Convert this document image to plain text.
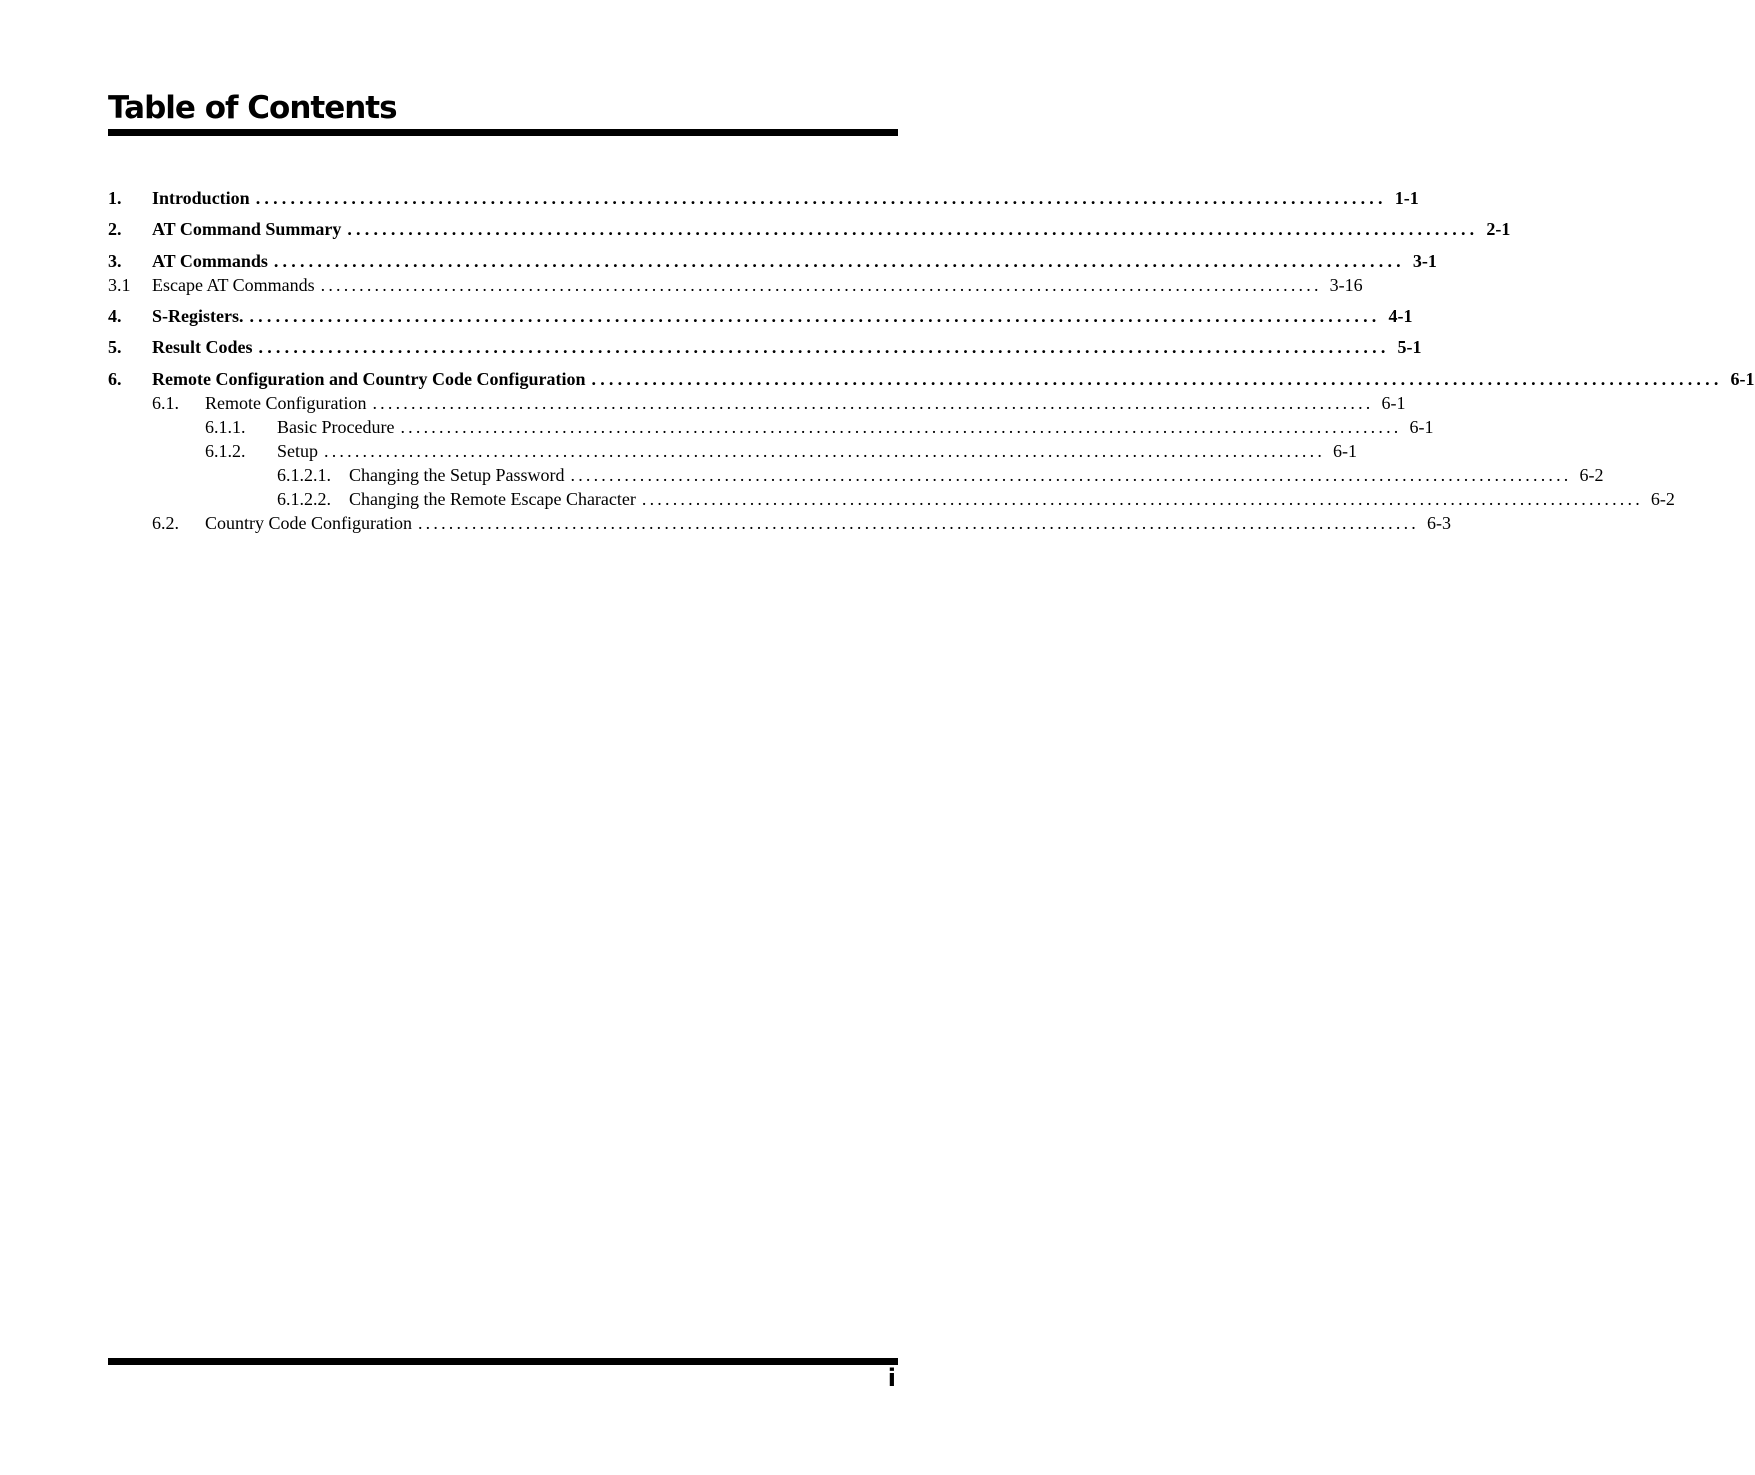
Table of Contents
1. Introduction .................................................................................................................................. 1-1
2. AT Command Summary .................................................................................................................................. 2-1
3. AT Commands .................................................................................................................................. 3-1
3.1 Escape AT Commands .................................................................................................................................. 3-16
4. S-Registers. .................................................................................................................................. 4-1
5. Result Codes .................................................................................................................................. 5-1
6. Remote Configuration and Country Code Configuration .................................................................................................................................. 6-1
6.1. Remote Configuration .................................................................................................................................. 6-1
6.1.1. Basic Procedure .................................................................................................................................. 6-1
6.1.2. Setup .................................................................................................................................. 6-1
6.1.2.1. Changing the Setup Password .................................................................................................................................. 6-2
6.1.2.2. Changing the Remote Escape Character .................................................................................................................................. 6-2
6.2. Country Code Configuration .................................................................................................................................. 6-3
i
